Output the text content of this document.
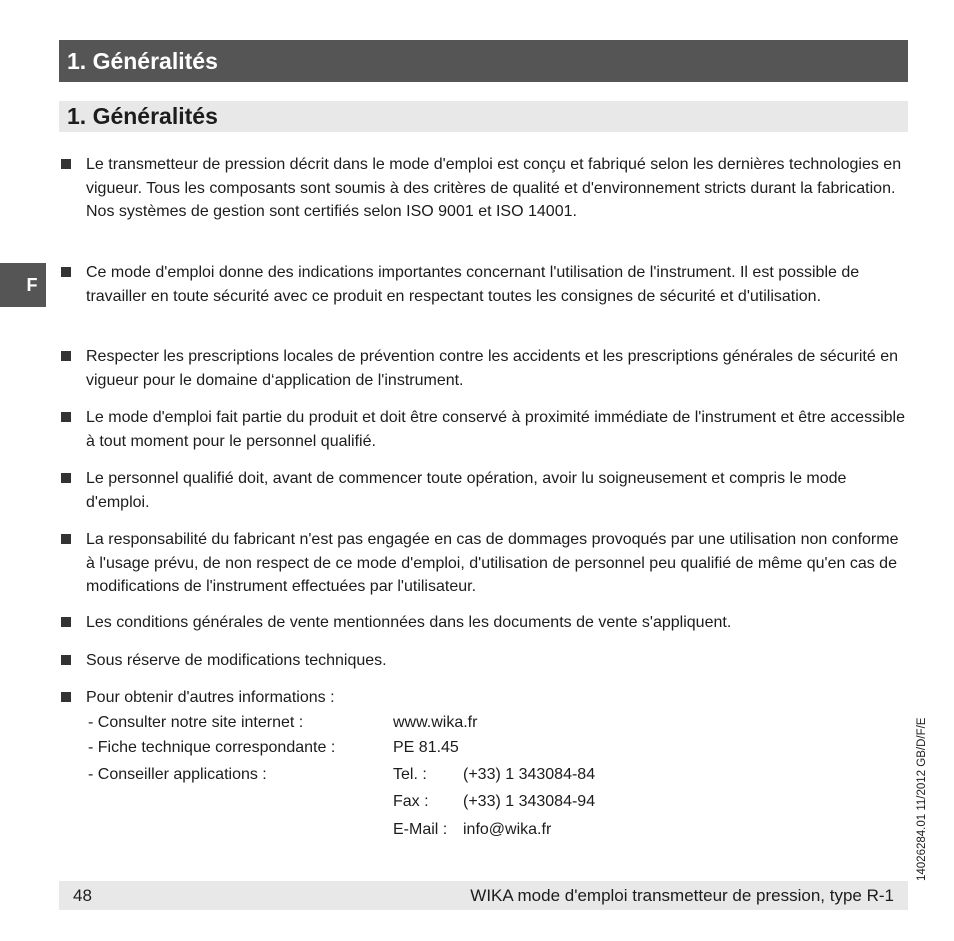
1. Généralités
1. Généralités
F
Le transmetteur de pression décrit dans le mode d'emploi est conçu et fabriqué selon les dernières technologies en vigueur. Tous les composants sont soumis à des critères de qualité et d'environnement stricts durant la fabrication. Nos systèmes de gestion sont certifiés selon ISO 9001 et ISO 14001.
Ce mode d'emploi donne des indications importantes concernant l'utilisation de l'instrument. Il est possible de travailler en toute sécurité avec ce produit en respectant toutes les consignes de sécurité et d'utilisation.
Respecter les prescriptions locales de prévention contre les accidents et les prescriptions générales de sécurité en vigueur pour le domaine d‘application de l'instrument.
Le mode d'emploi fait partie du produit et doit être conservé à proximité immédiate de l'instrument et être accessible à tout moment pour le personnel qualifié.
Le personnel qualifié doit, avant de commencer toute opération, avoir lu soigneusement et compris le mode d'emploi.
La responsabilité du fabricant n'est pas engagée en cas de dommages provoqués par une utilisation non conforme à l'usage prévu, de non respect de ce mode d'emploi, d'utilisation de personnel peu qualifié de même qu'en cas de modifications de l'instrument effectuées par l'utilisateur.
Les conditions générales de vente mentionnées dans les documents de vente s'appliquent.
Sous réserve de modifications techniques.
Pour obtenir d'autres informations :
- Consulter notre site internet :	www.wika.fr
- Fiche technique correspondante :	PE 81.45
- Conseiller applications :	Tel. : (+33) 1 343084-84
Fax : (+33) 1 343084-94
E-Mail : info@wika.fr	14026284.01 11/2012 GB/D/F/E
48	WIKA mode d'emploi transmetteur de pression, type R-1
